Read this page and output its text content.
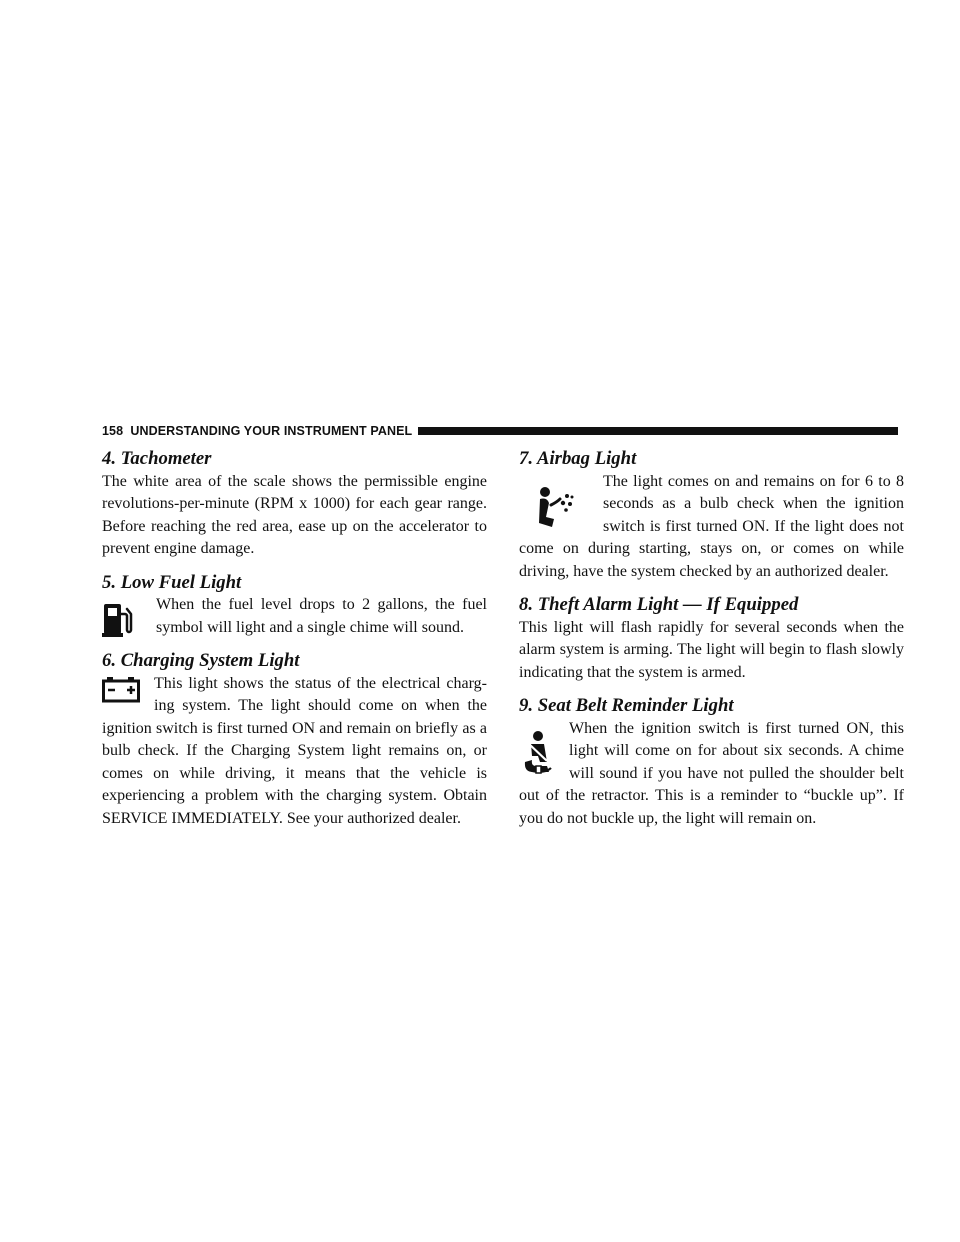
158 UNDERSTANDING YOUR INSTRUMENT PANEL
4. Tachometer

The white area of the scale shows the permissible engine revolutions-per-minute (RPM x 1000) for each gear range. Before reaching the red area, ease up on the accelerator to prevent engine damage.

5. Low Fuel Light

When the fuel level drops to 2 gallons, the fuel symbol will light and a single chime will sound.

6. Charging System Light

This light shows the status of the electrical charg-ing system. The light should come on when the ignition switch is first turned ON and remain on briefly as a bulb check. If the Charging System light remains on, or comes on while driving, it means that the vehicle is experiencing a problem with the charging system. Obtain SERVICE IMMEDIATELY. See your authorized dealer.

7. Airbag Light

The light comes on and remains on for 6 to 8 seconds as a bulb check when the ignition switch is first turned ON. If the light does not come on during starting, stays on, or comes on while driving, have the system checked by an authorized dealer.

8. Theft Alarm Light — If Equipped

This light will flash rapidly for several seconds when the alarm system is arming. The light will begin to flash slowly indicating that the system is armed.

9. Seat Belt Reminder Light

When the ignition switch is first turned ON, this light will come on for about six seconds. A chime will sound if you have not pulled the shoulder belt out of the retractor. This is a reminder to “buckle up”. If you do not buckle up, the light will remain on.
